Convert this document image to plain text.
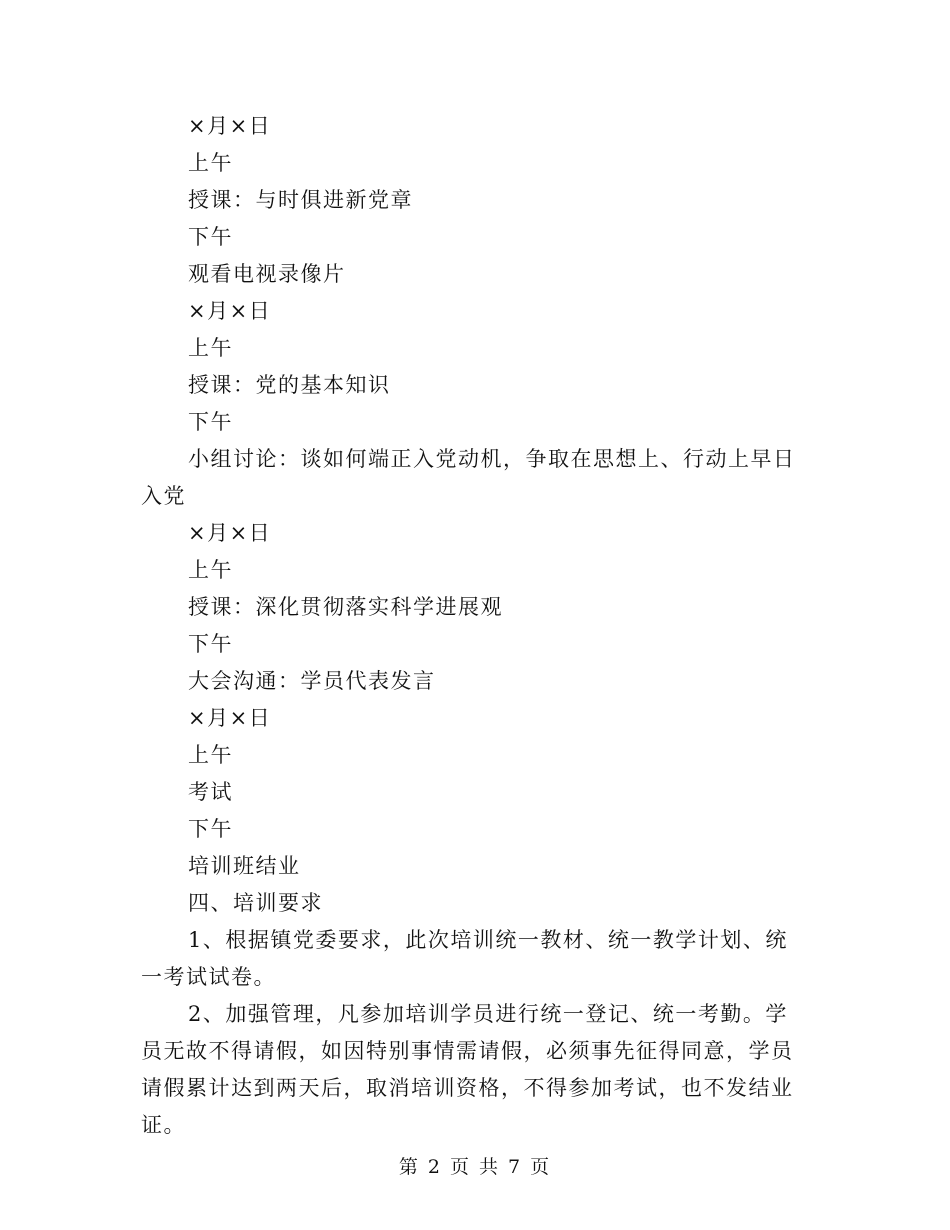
×月×日

上午

授课：与时俱进新党章

下午

观看电视录像片

×月×日

上午

授课：党的基本知识

下午

小组讨论：谈如何端正入党动机，争取在思想上、行动上早日入党

×月×日

上午

授课：深化贯彻落实科学进展观

下午

大会沟通：学员代表发言

×月×日

上午

考试

下午

培训班结业

四、培训要求

1、根据镇党委要求，此次培训统一教材、统一教学计划、统一考试试卷。

2、加强管理，凡参加培训学员进行统一登记、统一考勤。学员无故不得请假，如因特别事情需请假，必须事先征得同意，学员请假累计达到两天后，取消培训资格，不得参加考试，也不发结业证。

第 2 页 共 7 页
